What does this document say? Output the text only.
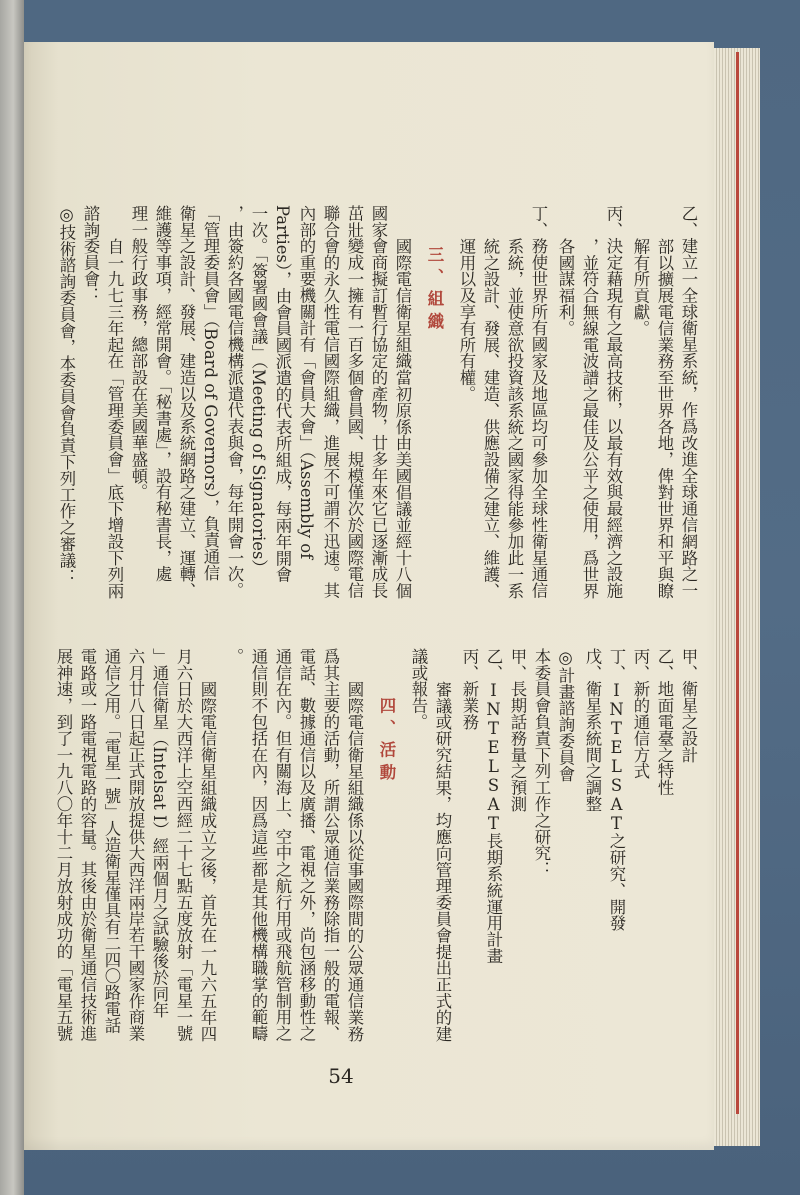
乙、建立一全球衛星系統，作爲改進全球通信網路之一
部以擴展電信業務至世界各地，俾對世界和平與瞭
解有所貢獻。
丙、決定藉現有之最高技術，以最有效與最經濟之設施
，並符合無線電波譜之最佳及公平之使用，爲世界
各國謀福利。
丁、務使世界所有國家及地區均可參加全球性衛星通信
系統，並使意欲投資該系統之國家得能參加此一系
統之設計、發展、建造、供應設備之建立、維護、
運用以及享有所有權。
三、組織
國際電信衛星組織當初原係由美國倡議並經十八個
國家會商擬訂暫行協定的產物，廿多年來它已逐漸成長
茁壯變成一擁有一百多個會員國、規模僅次於國際電信
聯合會的永久性電信國際組織，進展不可謂不迅速。其
內部的重要機關計有「會員大會」（Assembly of
Parties），由會員國派遣的代表所組成，每兩年開會
一次。「簽署國會議」（Meeting of Signatories）
，由簽約各國電信機構派遣代表與會，每年開會一次。
「管理委員會」（Board of Governors），負責通信
衛星之設計、發展、建造以及系統網路之建立、運轉、
維護等事項，經常開會。「秘書處」，設有秘書長，處
理一般行政事務，總部設在美國華盛頓。
自一九七三年起在「管理委員會」底下增設下列兩
諮詢委員會：
◎技術諮詢委員會，本委員會負責下列工作之審議：
甲、衛星之設計
乙、地面電臺之特性
丙、新的通信方式
丁、INTELSAT之研究、開發
戊、衛星系統間之調整
◎計畫諮詢委員會
本委員會負責下列工作之研究：
甲、長期話務量之預測
乙、INTELSAT長期系統運用計畫
丙、新業務
審議或研究結果，均應向管理委員會提出正式的建
議或報告。
四、活動
國際電信衛星組織係以從事國際間的公眾通信業務
爲其主要的活動，所謂公眾通信業務除指一般的電報、
電話、數據通信以及廣播、電視之外，尚包涵移動性之
通信在內。但有關海上、空中之航行用或飛航管制用之
通信則不包括在內，因爲這些都是其他機構職掌的範疇
。
國際電信衛星組織成立之後，首先在一九六五年四
月六日於大西洋上空西經二十七點五度放射「電星一號
」通信衛星（Intelsat I）經兩個月之試驗後於同年
六月廿八日起正式開放提供大西洋兩岸若干國家作商業
通信之用。「電星一號」人造衛星僅具有二四〇路電話
電路或一路電視電路的容量。其後由於衛星通信技術進
展神速，到了一九八〇年十二月放射成功的「電星五號
54
